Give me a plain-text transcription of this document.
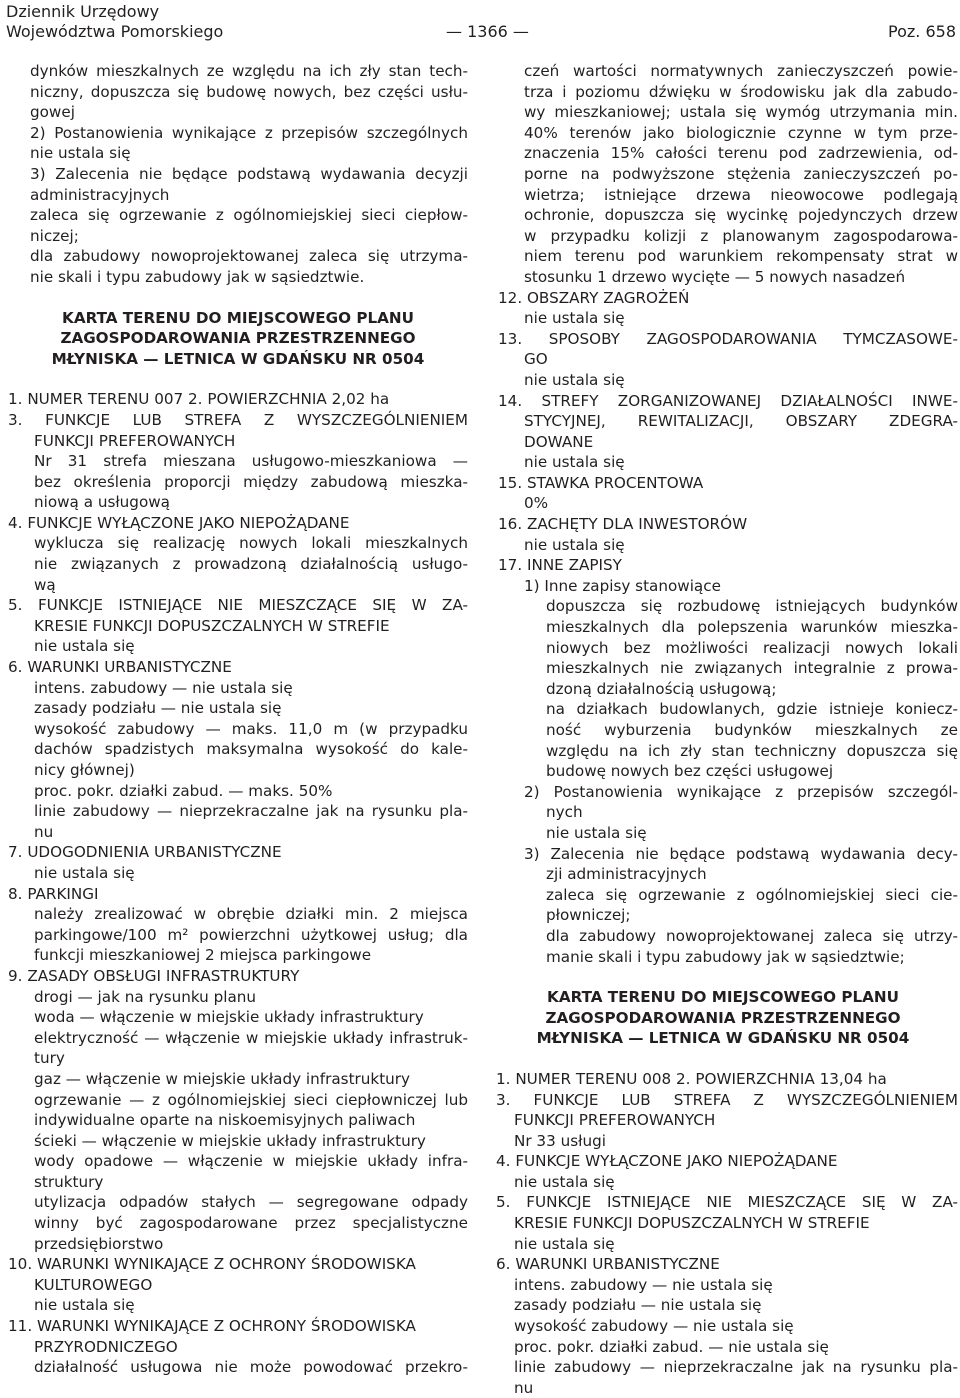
Dziennik Urzędowy
Województwa Pomorskiego	— 1366 —	Poz. 658
dynków mieszkalnych ze względu na ich zły stan tech-
niczny, dopuszcza się budowę nowych, bez części usłu-
gowej
2) Postanowienia wynikające z przepisów szczególnych
nie ustala się
3) Zalecenia nie będące podstawą wydawania decyzji
administracyjnych
zaleca się ogrzewanie z ogólnomiejskiej sieci ciepłow-
niczej;
dla zabudowy nowoprojektowanej zaleca się utrzyma-
nie skali i typu zabudowy jak w sąsiedztwie.
KARTA TERENU DO MIEJSCOWEGO PLANU
ZAGOSPODAROWANIA PRZESTRZENNEGO
MŁYNISKA — LETNICA W GDAŃSKU NR 0504
1. NUMER TERENU 007 2. POWIERZCHNIA 2,02 ha
3. FUNKCJE LUB STREFA Z WYSZCZEGÓLNIENIEM
FUNKCJI PREFEROWANYCH
Nr 31 strefa mieszana usługowo-mieszkaniowa —
bez określenia proporcji między zabudową mieszka-
niową a usługową
4. FUNKCJE WYŁĄCZONE JAKO NIEPOŻĄDANE
wyklucza się realizację nowych lokali mieszkalnych
nie związanych z prowadzoną działalnością usługo-
wą
5. FUNKCJE ISTNIEJĄCE NIE MIESZCZĄCE SIĘ W ZA-
KRESIE FUNKCJI DOPUSZCZALNYCH W STREFIE
nie ustala się
6. WARUNKI URBANISTYCZNE
intens. zabudowy — nie ustala się
zasady podziału — nie ustala się
wysokość zabudowy — maks. 11,0 m (w przypadku
dachów spadzistych maksymalna wysokość do kale-
nicy głównej)
proc. pokr. działki zabud. — maks. 50%
linie zabudowy — nieprzekraczalne jak na rysunku pla-
nu
7. UDOGODNIENIA URBANISTYCZNE
nie ustala się
8. PARKINGI
należy zrealizować w obrębie działki min. 2 miejsca
parkingowe/100 m² powierzchni użytkowej usług; dla
funkcji mieszkaniowej 2 miejsca parkingowe
9. ZASADY OBSŁUGI INFRASTRUKTURY
drogi — jak na rysunku planu
woda — włączenie w miejskie układy infrastruktury
elektryczność — włączenie w miejskie układy infrastruk-
tury
gaz — włączenie w miejskie układy infrastruktury
ogrzewanie — z ogólnomiejskiej sieci ciepłowniczej lub
indywidualne oparte na niskoemisyjnych paliwach
ścieki — włączenie w miejskie układy infrastruktury
wody opadowe — włączenie w miejskie układy infra-
struktury
utylizacja odpadów stałych — segregowane odpady
winny być zagospodarowane przez specjalistyczne
przedsiębiorstwo
10. WARUNKI WYNIKAJĄCE Z OCHRONY ŚRODOWISKA
KULTUROWEGO
nie ustala się
11. WARUNKI WYNIKAJĄCE Z OCHRONY ŚRODOWISKA
PRZYRODNICZEGO
działalność usługowa nie może powodować przekro-
czeń wartości normatywnych zanieczyszczeń powie-
trza i poziomu dźwięku w środowisku jak dla zabudo-
wy mieszkaniowej; ustala się wymóg utrzymania min.
40% terenów jako biologicznie czynne w tym prze-
znaczenia 15% całości terenu pod zadrzewienia, od-
porne na podwyższone stężenia zanieczyszczeń po-
wietrza; istniejące drzewa nieowocowe podlegają
ochronie, dopuszcza się wycinkę pojedynczych drzew
w przypadku kolizji z planowanym zagospodarowa-
niem terenu pod warunkiem rekompensaty strat w
stosunku 1 drzewo wycięte — 5 nowych nasadzeń
12. OBSZARY ZAGROŻEŃ
nie ustala się
13. SPOSOBY ZAGOSPODAROWANIA TYMCZASOWE-
GO
nie ustala się
14. STREFY ZORGANIZOWANEJ DZIAŁALNOŚCI INWE-
STYCYJNEJ, REWITALIZACJI, OBSZARY ZDEGRA-
DOWANE
nie ustala się
15. STAWKA PROCENTOWA
0%
16. ZACHĘTY DLA INWESTORÓW
nie ustala się
17. INNE ZAPISY
1) Inne zapisy stanowiące
dopuszcza się rozbudowę istniejących budynków
mieszkalnych dla polepszenia warunków mieszka-
niowych bez możliwości realizacji nowych lokali
mieszkalnych nie związanych integralnie z prowa-
dzoną działalnością usługową;
na działkach budowlanych, gdzie istnieje koniecz-
ność wyburzenia budynków mieszkalnych ze
względu na ich zły stan techniczny dopuszcza się
budowę nowych bez części usługowej
2) Postanowienia wynikające z przepisów szczegól-
nych
nie ustala się
3) Zalecenia nie będące podstawą wydawania decy-
zji administracyjnych
zaleca się ogrzewanie z ogólnomiejskiej sieci cie-
płowniczej;
dla zabudowy nowoprojektowanej zaleca się utrzy-
manie skali i typu zabudowy jak w sąsiedztwie;
KARTA TERENU DO MIEJSCOWEGO PLANU
ZAGOSPODAROWANIA PRZESTRZENNEGO
MŁYNISKA — LETNICA W GDAŃSKU NR 0504
1. NUMER TERENU 008 2. POWIERZCHNIA 13,04 ha
3. FUNKCJE LUB STREFA Z WYSZCZEGÓLNIENIEM
FUNKCJI PREFEROWANYCH
Nr 33 usługi
4. FUNKCJE WYŁĄCZONE JAKO NIEPOŻĄDANE
nie ustala się
5. FUNKCJE ISTNIEJĄCE NIE MIESZCZĄCE SIĘ W ZA-
KRESIE FUNKCJI DOPUSZCZALNYCH W STREFIE
nie ustala się
6. WARUNKI URBANISTYCZNE
intens. zabudowy — nie ustala się
zasady podziału — nie ustala się
wysokość zabudowy — nie ustala się
proc. pokr. działki zabud. — nie ustala się
linie zabudowy — nieprzekraczalne jak na rysunku pla-
nu
